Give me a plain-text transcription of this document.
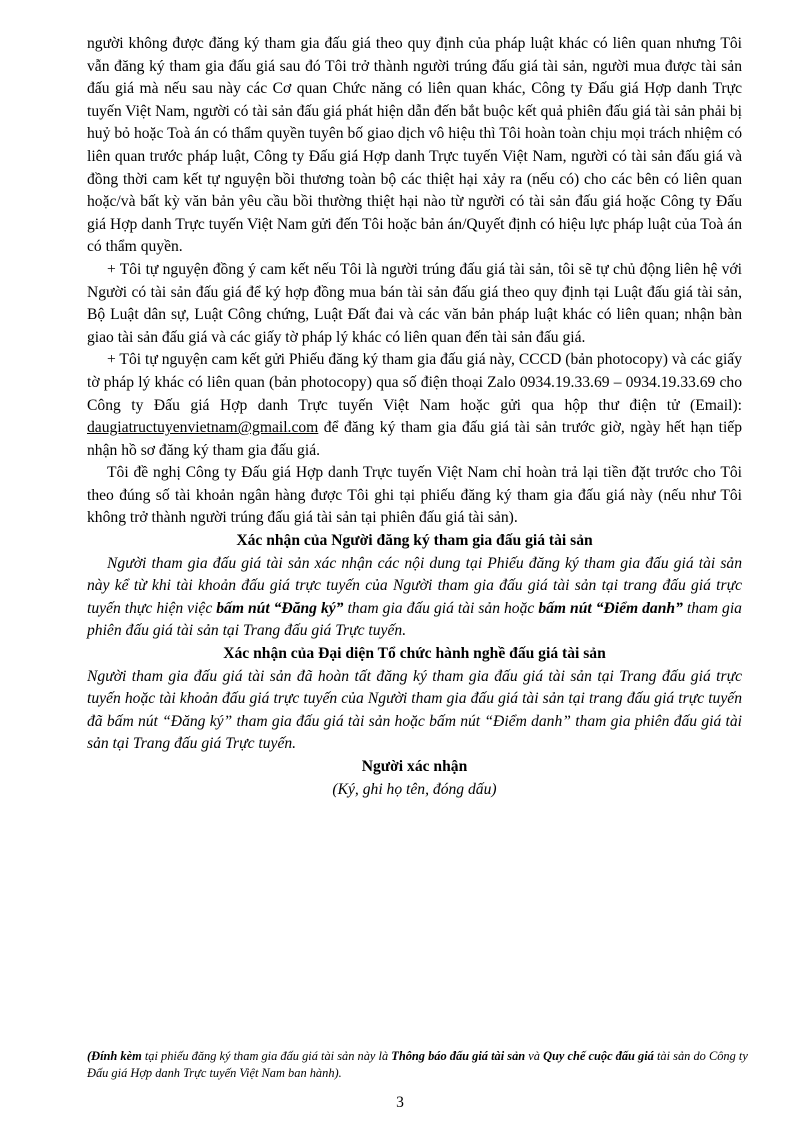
người không được đăng ký tham gia đấu giá theo quy định của pháp luật khác có liên quan nhưng Tôi vẫn đăng ký tham gia đấu giá sau đó Tôi trở thành người trúng đấu giá tài sản, người mua được tài sản đấu giá mà nếu sau này các Cơ quan Chức năng có liên quan khác, Công ty Đấu giá Hợp danh Trực tuyến Việt Nam, người có tài sản đấu giá phát hiện dẫn đến bắt buộc kết quả phiên đấu giá tài sản phải bị huỷ bỏ hoặc Toà án có thẩm quyền tuyên bố giao dịch vô hiệu thì Tôi hoàn toàn chịu mọi trách nhiệm có liên quan trước pháp luật, Công ty Đấu giá Hợp danh Trực tuyến Việt Nam, người có tài sản đấu giá và đồng thời cam kết tự nguyện bồi thương toàn bộ các thiệt hại xảy ra (nếu có) cho các bên có liên quan hoặc/và bất kỳ văn bản yêu cầu bồi thường thiệt hại nào từ người có tài sản đấu giá hoặc Công ty Đấu giá Hợp danh Trực tuyến Việt Nam gửi đến Tôi hoặc bản án/Quyết định có hiệu lực pháp luật của Toà án có thẩm quyền.

+ Tôi tự nguyện đồng ý cam kết nếu Tôi là người trúng đấu giá tài sản, tôi sẽ tự chủ động liên hệ với Người có tài sản đấu giá để ký hợp đồng mua bán tài sản đấu giá theo quy định tại Luật đấu giá tài sản, Bộ Luật dân sự, Luật Công chứng, Luật Đất đai và các văn bản pháp luật khác có liên quan; nhận bàn giao tài sản đấu giá và các giấy tờ pháp lý khác có liên quan đến tài sản đấu giá.

+ Tôi tự nguyện cam kết gửi Phiếu đăng ký tham gia đấu giá này, CCCD (bản photocopy) và các giấy tờ pháp lý khác có liên quan (bản photocopy) qua số điện thoại Zalo 0934.19.33.69 – 0934.19.33.69 cho Công ty Đấu giá Hợp danh Trực tuyến Việt Nam hoặc gửi qua hộp thư điện tử (Email): daugiatructuyenvietnam@gmail.com để đăng ký tham gia đấu giá tài sản trước giờ, ngày hết hạn tiếp nhận hồ sơ đăng ký tham gia đấu giá.

Tôi đề nghị Công ty Đấu giá Hợp danh Trực tuyến Việt Nam chỉ hoàn trả lại tiền đặt trước cho Tôi theo đúng số tài khoản ngân hàng được Tôi ghi tại phiếu đăng ký tham gia đấu giá này (nếu như Tôi không trở thành người trúng đấu giá tài sản tại phiên đấu giá tài sản).

Xác nhận của Người đăng ký tham gia đấu giá tài sản

Người tham gia đấu giá tài sản xác nhận các nội dung tại Phiếu đăng ký tham gia đấu giá tài sản này kể từ khi tài khoản đấu giá trực tuyến của Người tham gia đấu giá tài sản tại trang đấu giá trực tuyến thực hiện việc bấm nút “Đăng ký” tham gia đấu giá tài sản hoặc bấm nút “Điểm danh” tham gia phiên đấu giá tài sản tại Trang đấu giá Trực tuyến.

Xác nhận của Đại diện Tổ chức hành nghề đấu giá tài sản

Người tham gia đấu giá tài sản đã hoàn tất đăng ký tham gia đấu giá tài sản tại Trang đấu giá trực tuyến hoặc tài khoản đấu giá trực tuyến của Người tham gia đấu giá tài sản tại trang đấu giá trực tuyến đã bấm nút “Đăng ký” tham gia đấu giá tài sản hoặc bấm nút “Điểm danh” tham gia phiên đấu giá tài sản tại Trang đấu giá Trực tuyến.

Người xác nhận

(Ký, ghi họ tên, đóng dấu)

(Đính kèm tại phiếu đăng ký tham gia đấu giá tài sản này là Thông báo đấu giá tài sản và Quy chế cuộc đấu giá tài sản do Công ty Đấu giá Hợp danh Trực tuyến Việt Nam ban hành).

3
